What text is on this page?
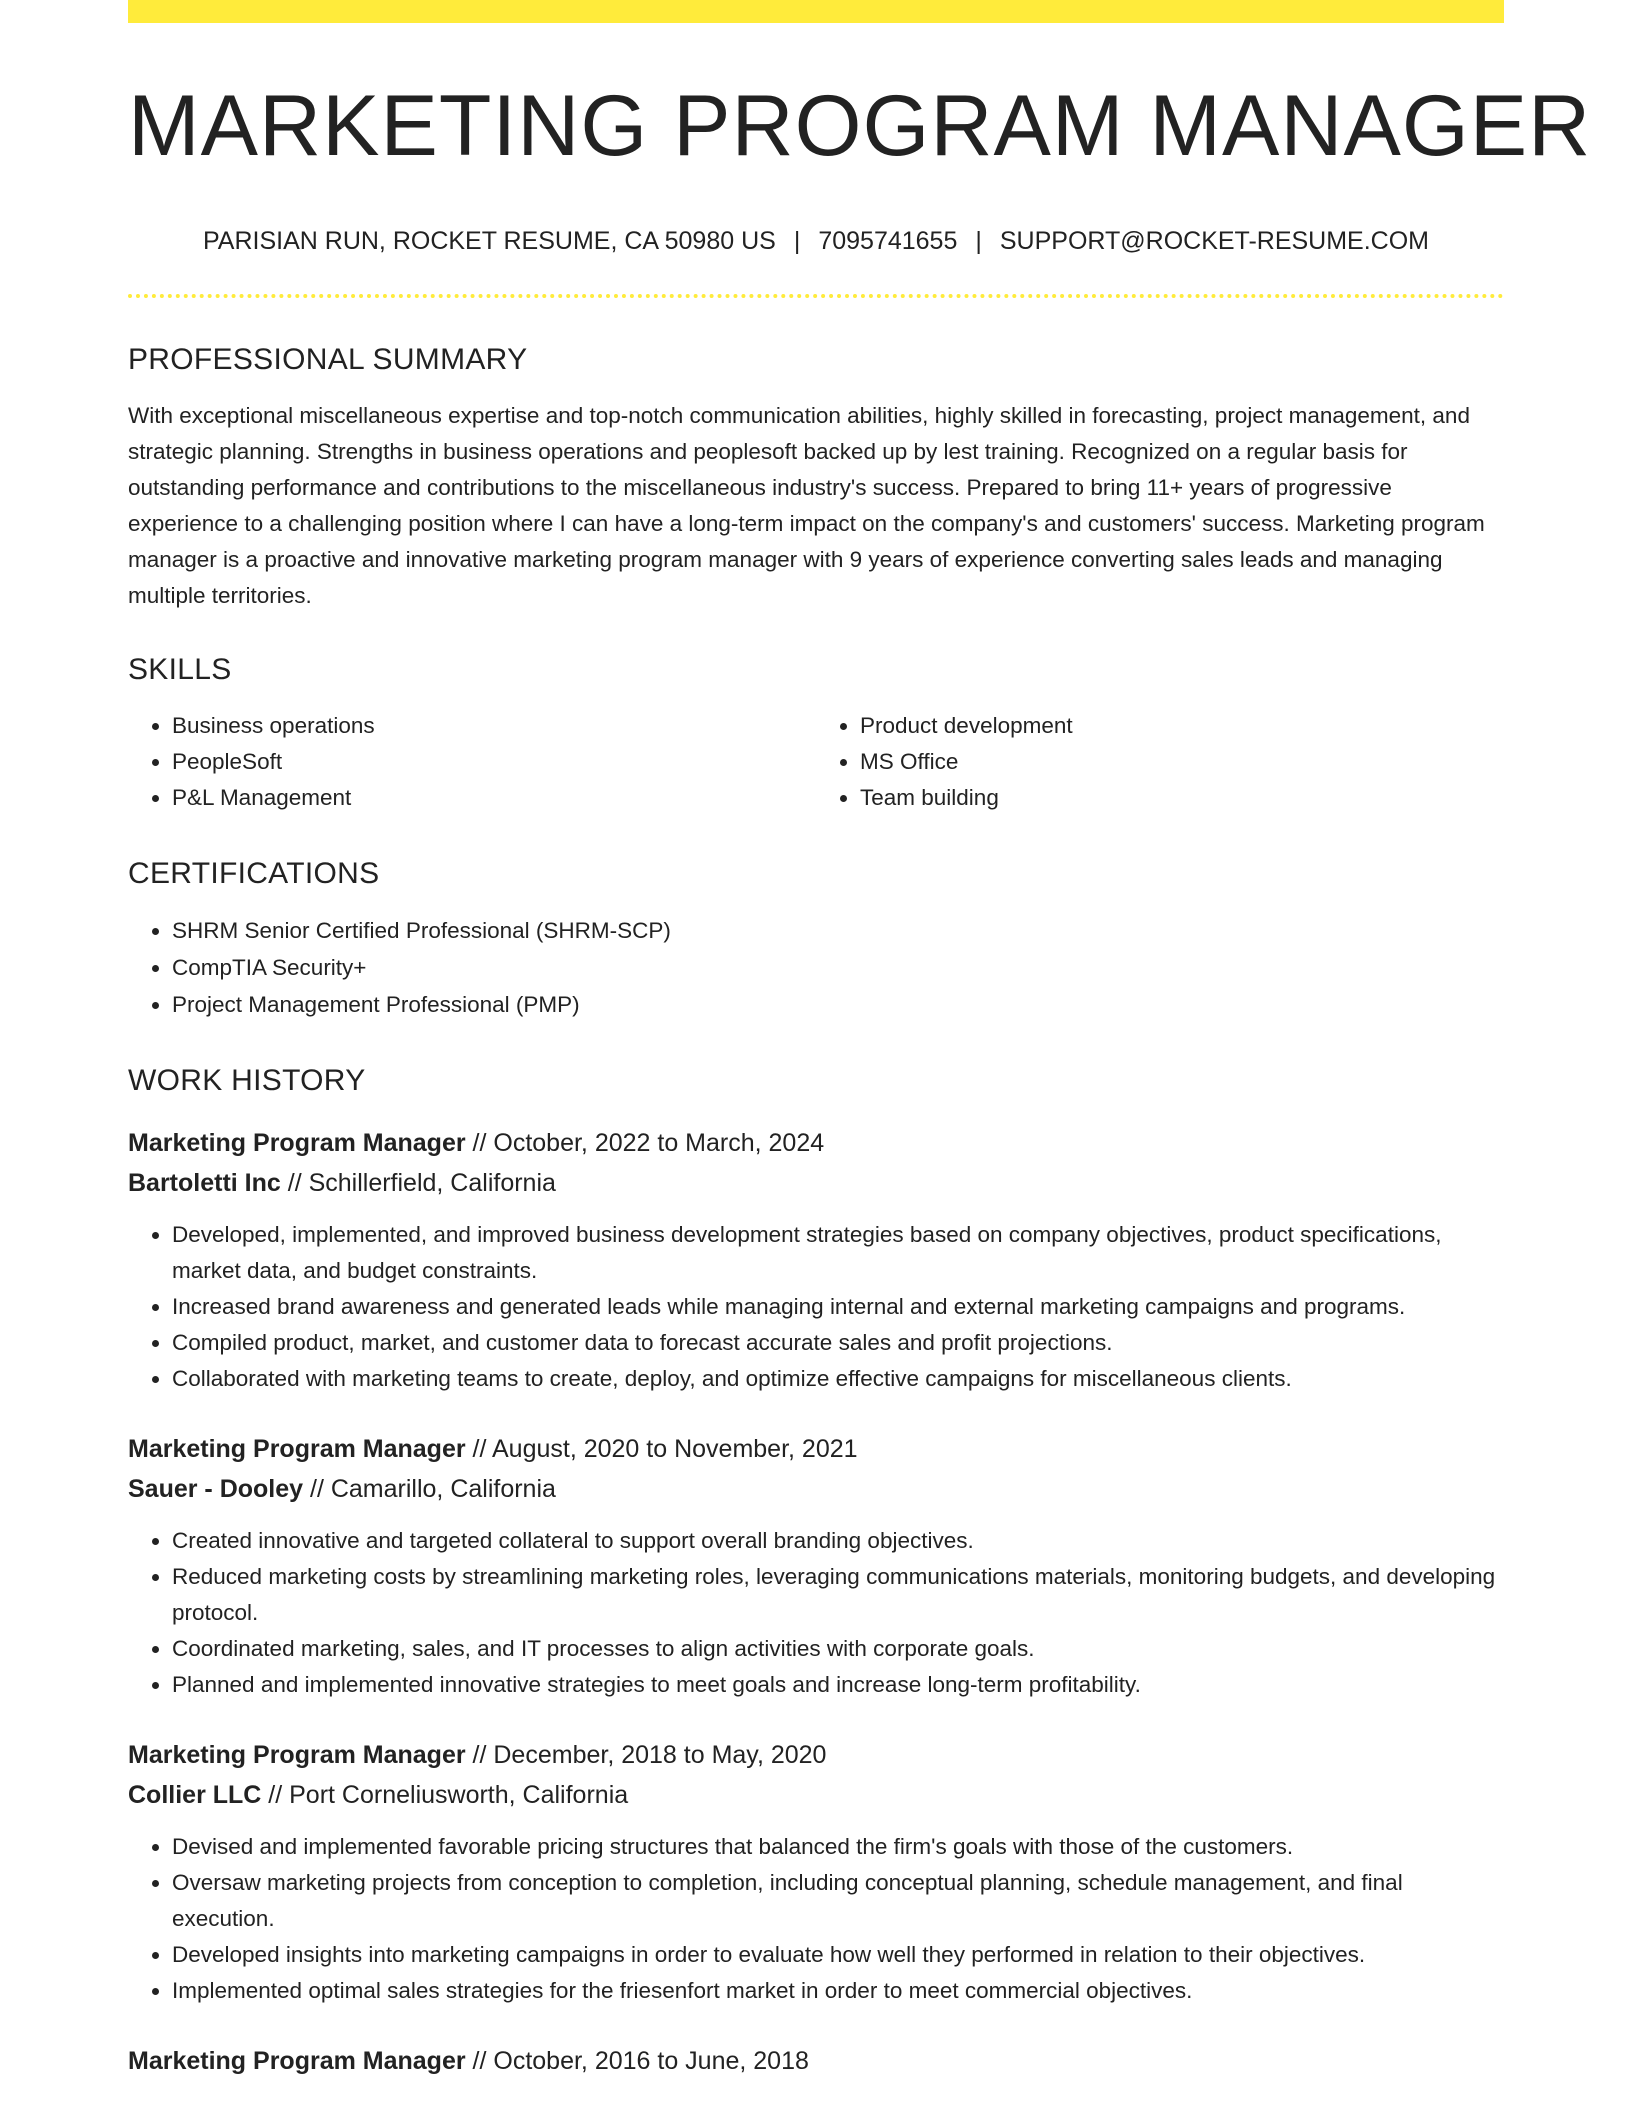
MARKETING PROGRAM MANAGER
PARISIAN RUN, ROCKET RESUME, CA 50980 US | 7095741655 | SUPPORT@ROCKET-RESUME.COM
PROFESSIONAL SUMMARY

With exceptional miscellaneous expertise and top-notch communication abilities, highly skilled in forecasting, project management, and strategic planning. Strengths in business operations and peoplesoft backed up by lest training. Recognized on a regular basis for outstanding performance and contributions to the miscellaneous industry's success. Prepared to bring 11+ years of progressive experience to a challenging position where I can have a long-term impact on the company's and customers' success. Marketing program manager is a proactive and innovative marketing program manager with 9 years of experience converting sales leads and managing multiple territories.

SKILLS
• Business operations
• PeopleSoft
• P&L Management
• Product development
• MS Office
• Team building
CERTIFICATIONS
• SHRM Senior Certified Professional (SHRM-SCP)
• CompTIA Security+
• Project Management Professional (PMP)
WORK HISTORY
Marketing Program Manager // October, 2022 to March, 2024
Bartoletti Inc // Schillerfield, California
• Developed, implemented, and improved business development strategies based on company objectives, product specifications, market data, and budget constraints.
• Increased brand awareness and generated leads while managing internal and external marketing campaigns and programs.
• Compiled product, market, and customer data to forecast accurate sales and profit projections.
• Collaborated with marketing teams to create, deploy, and optimize effective campaigns for miscellaneous clients.
Marketing Program Manager // August, 2020 to November, 2021
Sauer - Dooley // Camarillo, California
• Created innovative and targeted collateral to support overall branding objectives.
• Reduced marketing costs by streamlining marketing roles, leveraging communications materials, monitoring budgets, and developing protocol.
• Coordinated marketing, sales, and IT processes to align activities with corporate goals.
• Planned and implemented innovative strategies to meet goals and increase long-term profitability.
Marketing Program Manager // December, 2018 to May, 2020
Collier LLC // Port Corneliusworth, California
• Devised and implemented favorable pricing structures that balanced the firm's goals with those of the customers.
• Oversaw marketing projects from conception to completion, including conceptual planning, schedule management, and final execution.
• Developed insights into marketing campaigns in order to evaluate how well they performed in relation to their objectives.
• Implemented optimal sales strategies for the friesenfort market in order to meet commercial objectives.
Marketing Program Manager // October, 2016 to June, 2018
